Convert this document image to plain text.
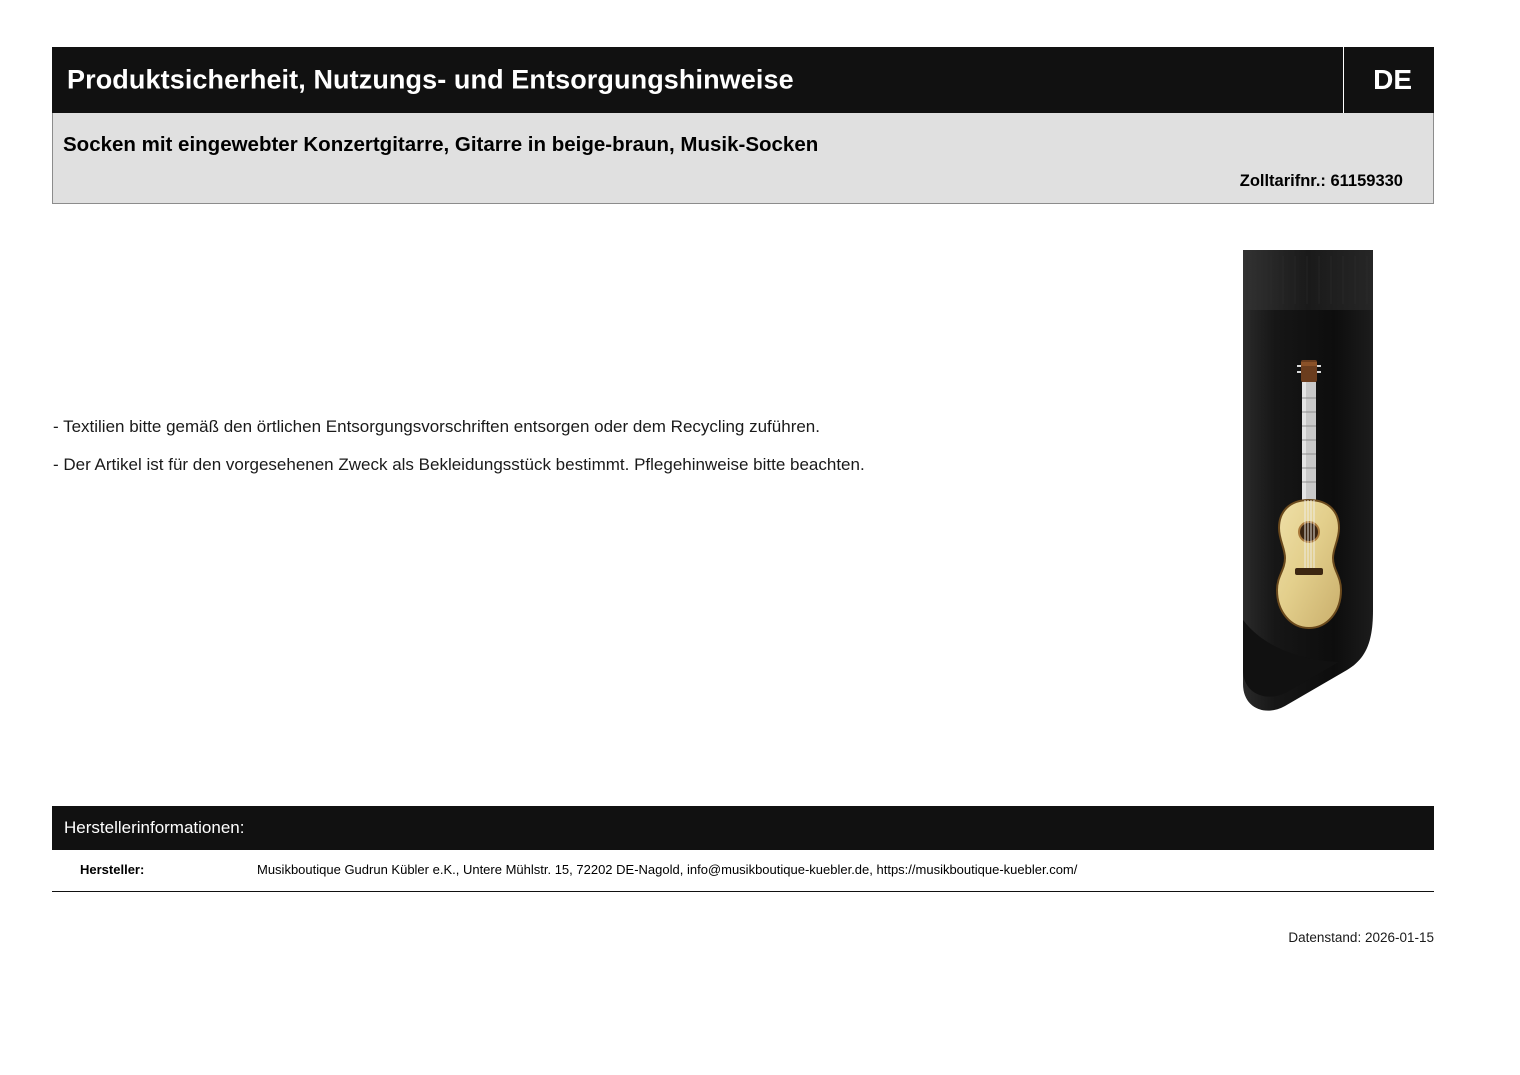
Produktsicherheit, Nutzungs- und Entsorgungshinweise	DE
Socken mit eingewebter Konzertgitarre, Gitarre in beige-braun, Musik-Socken
Zolltarifnr.: 61159330
- Textilien bitte gemäß den örtlichen Entsorgungsvorschriften entsorgen oder dem Recycling zuführen.
- Der Artikel ist für den vorgesehenen Zweck als Bekleidungsstück bestimmt. Pflegehinweise bitte beachten.
Herstellerinformationen:
Hersteller:	Musikboutique Gudrun Kübler e.K., Untere Mühlstr. 15, 72202 DE-Nagold, info@musikboutique-kuebler.de, https://musikboutique-kuebler.com/
Datenstand: 2026-01-15
